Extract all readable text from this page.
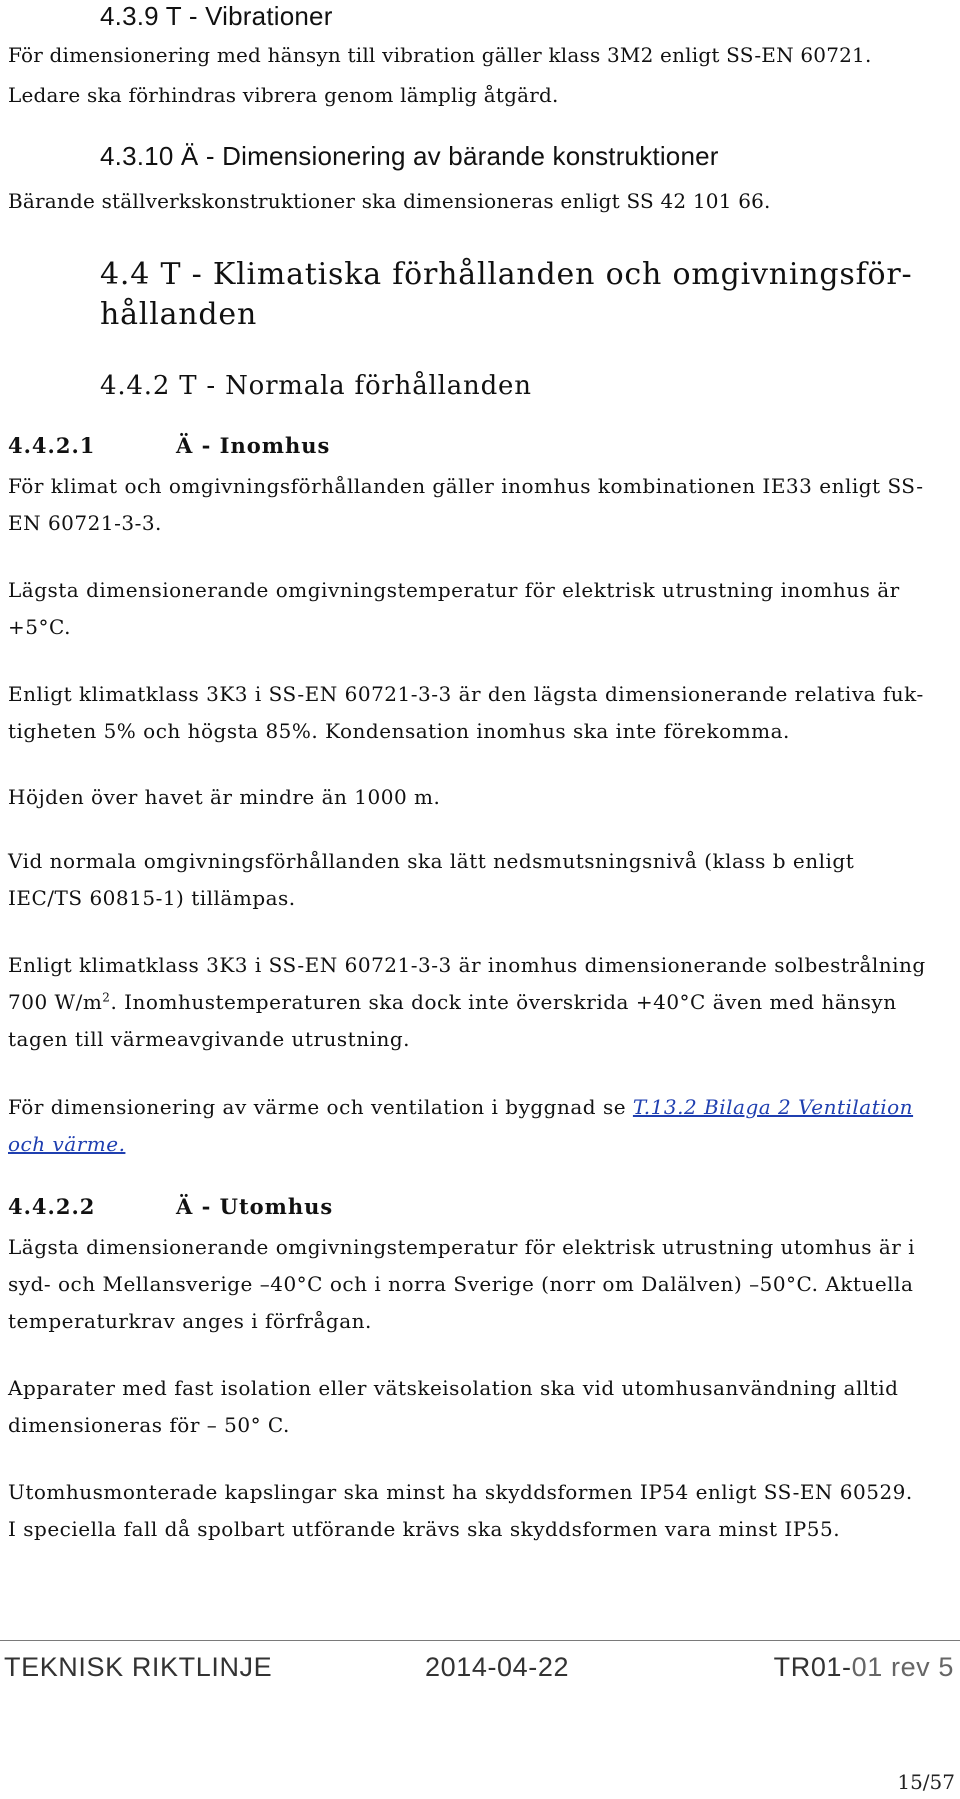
4.3.9 T - Vibrationer
För dimensionering med hänsyn till vibration gäller klass 3M2 enligt SS-EN 60721.
Ledare ska förhindras vibrera genom lämplig åtgärd.
4.3.10 Ä - Dimensionering av bärande konstruktioner
Bärande ställverkskonstruktioner ska dimensioneras enligt SS 42 101 66.
4.4 T - Klimatiska förhållanden och omgivningsför-
hållanden
4.4.2 T - Normala förhållanden
4.4.2.1	Ä - Inomhus
För klimat och omgivningsförhållanden gäller inomhus kombinationen IE33 enligt SS-
EN 60721-3-3.
Lägsta dimensionerande omgivningstemperatur för elektrisk utrustning inomhus är
+5°C.
Enligt klimatklass 3K3 i SS-EN 60721-3-3 är den lägsta dimensionerande relativa fuk-
tigheten 5% och högsta 85%. Kondensation inomhus ska inte förekomma.
Höjden över havet är mindre än 1000 m.
Vid normala omgivningsförhållanden ska lätt nedsmutsningsnivå (klass b enligt
IEC/TS 60815-1) tillämpas.
Enligt klimatklass 3K3 i SS-EN 60721-3-3 är inomhus dimensionerande solbestrålning
700 $W/m^2$. Inomhustemperaturen ska dock inte överskrida +40°C även med hänsyn
tagen till värmeavgivande utrustning.
För dimensionering av värme och ventilation i byggnad se T.13.2 Bilaga 2 Ventilation
och värme.
4.4.2.2	Ä - Utomhus
Lägsta dimensionerande omgivningstemperatur för elektrisk utrustning utomhus är i
syd- och Mellansverige –40°C och i norra Sverige (norr om Dalälven) –50°C. Aktuella
temperaturkrav anges i förfrågan.
Apparater med fast isolation eller vätskeisolation ska vid utomhusanvändning alltid
dimensioneras för – 50° C.
Utomhusmonterade kapslingar ska minst ha skyddsformen IP54 enligt SS-EN 60529.
I speciella fall då spolbart utförande krävs ska skyddsformen vara minst IP55.
TEKNISK RIKTLINJE	2014-04-22	TR01-01 rev 5
15/57
